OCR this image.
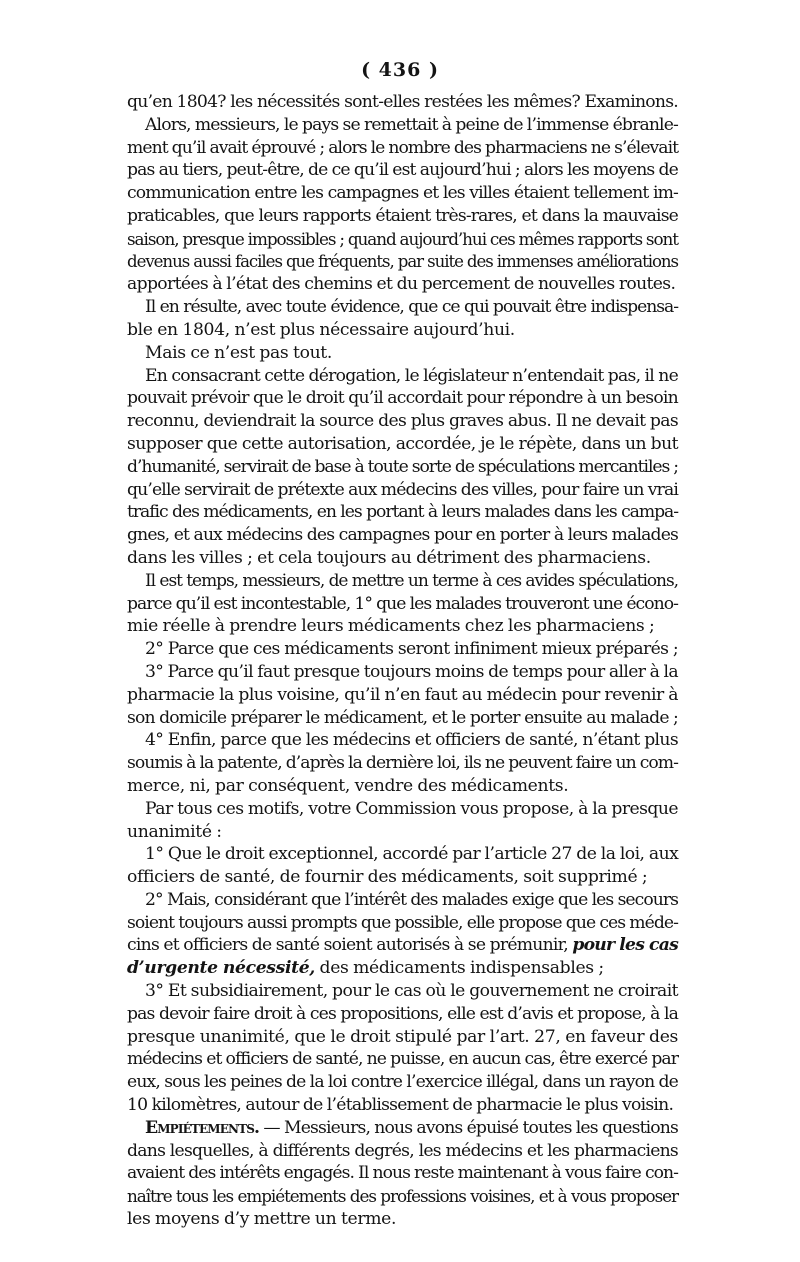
( 436 )
qu’en 1804? les nécessités sont-elles restées les mêmes? Examinons.
Alors, messieurs, le pays se remettait à peine de l’immense ébranle-
ment qu’il avait éprouvé ; alors le nombre des pharmaciens ne s’élevait
pas au tiers, peut-être, de ce qu’il est aujourd’hui ; alors les moyens de
communication entre les campagnes et les villes étaient tellement im-
praticables, que leurs rapports étaient très-rares, et dans la mauvaise
saison, presque impossibles ; quand aujourd’hui ces mêmes rapports sont
devenus aussi faciles que fréquents, par suite des immenses améliorations
apportées à l’état des chemins et du percement de nouvelles routes.
Il en résulte, avec toute évidence, que ce qui pouvait être indispensa-
ble en 1804, n’est plus nécessaire aujourd’hui.
Mais ce n’est pas tout.
En consacrant cette dérogation, le législateur n’entendait pas, il ne
pouvait prévoir que le droit qu’il accordait pour répondre à un besoin
reconnu, deviendrait la source des plus graves abus. Il ne devait pas
supposer que cette autorisation, accordée, je le répète, dans un but
d’humanité, servirait de base à toute sorte de spéculations mercantiles ;
qu’elle servirait de prétexte aux médecins des villes, pour faire un vrai
trafic des médicaments, en les portant à leurs malades dans les campa-
gnes, et aux médecins des campagnes pour en porter à leurs malades
dans les villes ; et cela toujours au détriment des pharmaciens.
Il est temps, messieurs, de mettre un terme à ces avides spéculations,
parce qu’il est incontestable, 1° que les malades trouveront une écono-
mie réelle à prendre leurs médicaments chez les pharmaciens ;
2° Parce que ces médicaments seront infiniment mieux préparés ;
3° Parce qu’il faut presque toujours moins de temps pour aller à la
pharmacie la plus voisine, qu’il n’en faut au médecin pour revenir à
son domicile préparer le médicament, et le porter ensuite au malade ;
4° Enfin, parce que les médecins et officiers de santé, n’étant plus
soumis à la patente, d’après la dernière loi, ils ne peuvent faire un com-
merce, ni, par conséquent, vendre des médicaments.
Par tous ces motifs, votre Commission vous propose, à la presque
unanimité :
1° Que le droit exceptionnel, accordé par l’article 27 de la loi, aux
officiers de santé, de fournir des médicaments, soit supprimé ;
2° Mais, considérant que l’intérêt des malades exige que les secours
soient toujours aussi prompts que possible, elle propose que ces méde-
cins et officiers de santé soient autorisés à se prémunir, pour les cas
d’urgente nécessité, des médicaments indispensables ;
3° Et subsidiairement, pour le cas où le gouvernement ne croirait
pas devoir faire droit à ces propositions, elle est d’avis et propose, à la
presque unanimité, que le droit stipulé par l’art. 27, en faveur des
médecins et officiers de santé, ne puisse, en aucun cas, être exercé par
eux, sous les peines de la loi contre l’exercice illégal, dans un rayon de
10 kilomètres, autour de l’établissement de pharmacie le plus voisin.
Empiétements. — Messieurs, nous avons épuisé toutes les questions
dans lesquelles, à différents degrés, les médecins et les pharmaciens
avaient des intérêts engagés. Il nous reste maintenant à vous faire con-
naître tous les empiétements des professions voisines, et à vous proposer
les moyens d’y mettre un terme.
